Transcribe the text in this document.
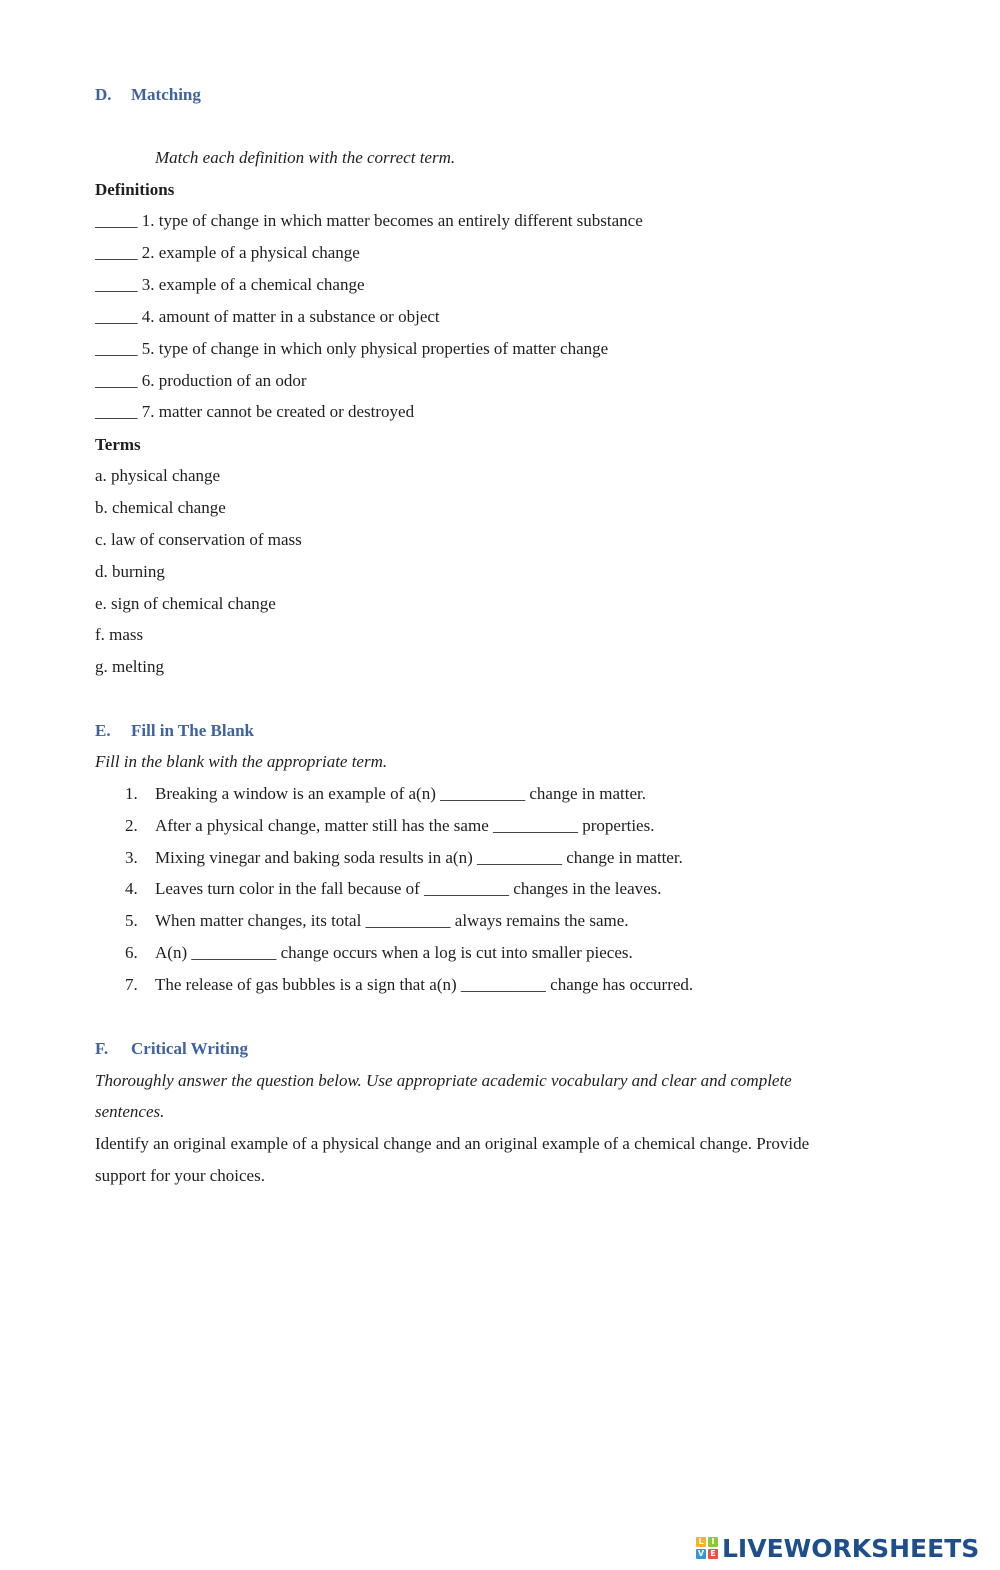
D. Matching
Match each definition with the correct term.
Definitions
_____ 1. type of change in which matter becomes an entirely different substance
_____ 2. example of a physical change
_____ 3. example of a chemical change
_____ 4. amount of matter in a substance or object
_____ 5. type of change in which only physical properties of matter change
_____ 6. production of an odor
_____ 7. matter cannot be created or destroyed
Terms
a. physical change
b. chemical change
c. law of conservation of mass
d. burning
e. sign of chemical change
f. mass
g. melting
E. Fill in The Blank
Fill in the blank with the appropriate term.
1. Breaking a window is an example of a(n) __________ change in matter.
2. After a physical change, matter still has the same __________ properties.
3. Mixing vinegar and baking soda results in a(n) __________ change in matter.
4. Leaves turn color in the fall because of __________ changes in the leaves.
5. When matter changes, its total __________ always remains the same.
6. A(n) __________ change occurs when a log is cut into smaller pieces.
7. The release of gas bubbles is a sign that a(n) __________ change has occurred.
F. Critical Writing
Thoroughly answer the question below. Use appropriate academic vocabulary and clear and complete
sentences.
Identify an original example of a physical change and an original example of a chemical change. Provide
support for your choices.
L I
V E LIVEWORKSHEETS
